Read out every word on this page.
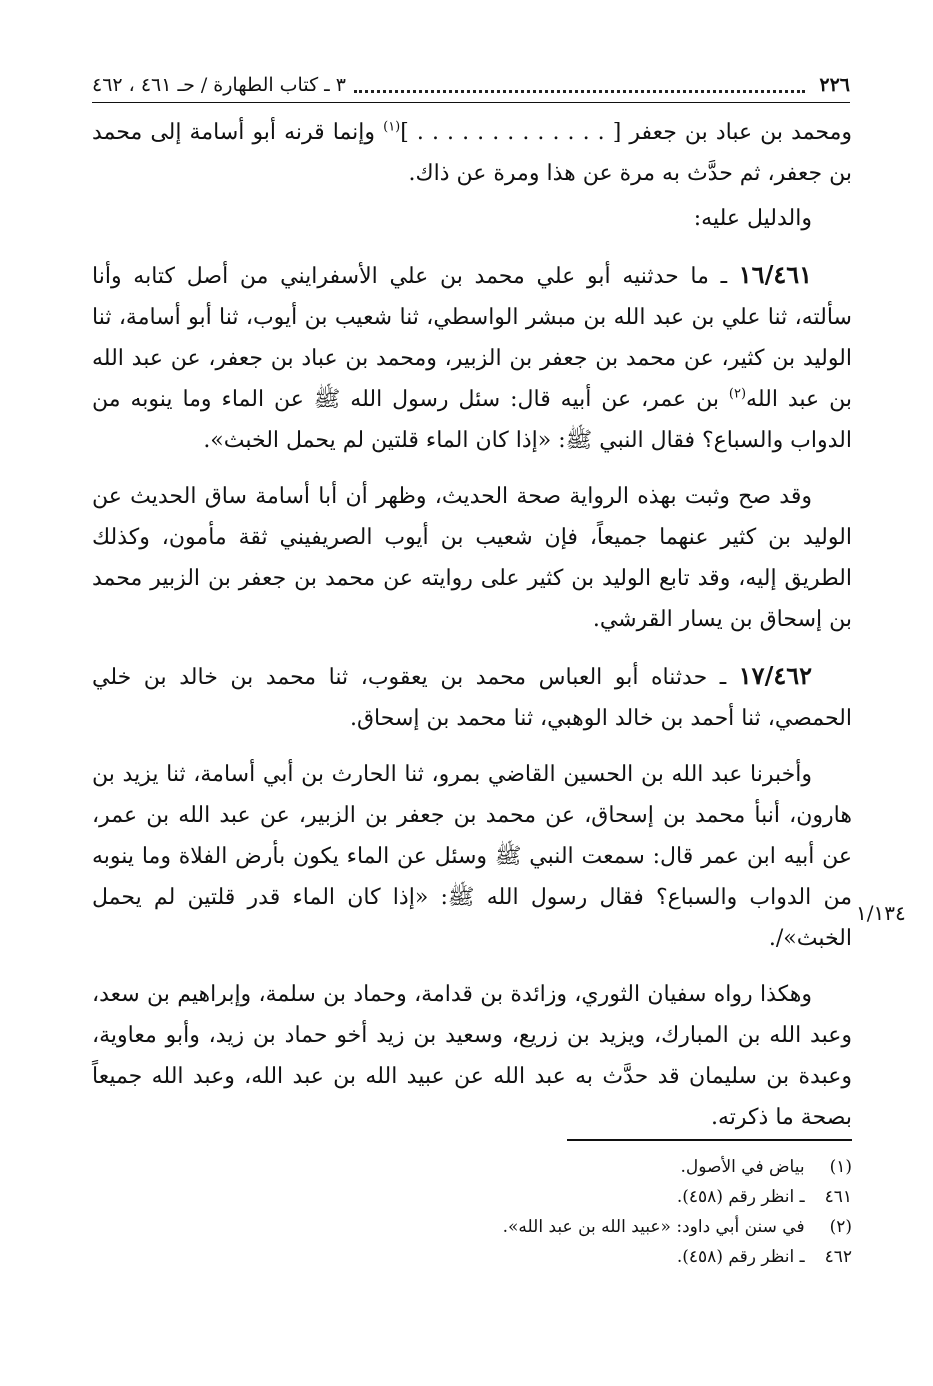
٢٢٦
٣ ـ كتاب الطهارة / حـ ٤٦١ ، ٤٦٢

ومحمد بن عباد بن جعفر [ . . . . . . . . . . . . . ]$^{(١)}$ وإنما قرنه أبو أسامة إلى محمد بن جعفر، ثم حدَّث به مرة عن هذا ومرة عن ذاك.

والدليل عليه:

١٦/٤٦١ ـ ما حدثنيه أبو علي محمد بن علي الأسفرايني من أصل كتابه وأنا سألته، ثنا علي بن عبد الله بن مبشر الواسطي، ثنا شعيب بن أيوب، ثنا أبو أسامة، ثنا الوليد بن كثير، عن محمد بن جعفر بن الزبير، ومحمد بن عباد بن جعفر، عن عبد الله بن عبد الله$^{(٢)}$ بن عمر، عن أبيه قال: سئل رسول الله ﷺ عن الماء وما ينوبه من الدواب والسباع؟ فقال النبي ﷺ: «إذا كان الماء قلتين لم يحمل الخبث».

وقد صح وثبت بهذه الرواية صحة الحديث، وظهر أن أبا أسامة ساق الحديث عن الوليد بن كثير عنهما جميعاً، فإن شعيب بن أيوب الصريفيني ثقة مأمون، وكذلك الطريق إليه، وقد تابع الوليد بن كثير على روايته عن محمد بن جعفر بن الزبير محمد بن إسحاق بن يسار القرشي.

١٧/٤٦٢ ـ حدثناه أبو العباس محمد بن يعقوب، ثنا محمد بن خالد بن خلي الحمصي، ثنا أحمد بن خالد الوهبي، ثنا محمد بن إسحاق.

وأخبرنا عبد الله بن الحسين القاضي بمرو، ثنا الحارث بن أبي أسامة، ثنا يزيد بن هارون، أنبأ محمد بن إسحاق، عن محمد بن جعفر بن الزبير، عن عبد الله بن عمر، عن أبيه ابن عمر قال: سمعت النبي ﷺ وسئل عن الماء يكون بأرض الفلاة وما ينوبه من الدواب والسباع؟ فقال رسول الله ﷺ: «إذا كان الماء قدر قلتين لم يحمل الخبث»/.

وهكذا رواه سفيان الثوري، وزائدة بن قدامة، وحماد بن سلمة، وإبراهيم بن سعد، وعبد الله بن المبارك، ويزيد بن زريع، وسعيد بن زيد أخو حماد بن زيد، وأبو معاوية، وعبدة بن سليمان قد حدَّث به عبد الله عن عبيد الله بن عبد الله، وعبد الله جميعاً بصحة ما ذكرته.

١/١٣٤
(١) بياض في الأصول.
٤٦١ ـ انظر رقم (٤٥٨).
(٢) في سنن أبي داود: «عبيد الله بن عبد الله».
٤٦٢ ـ انظر رقم (٤٥٨).
